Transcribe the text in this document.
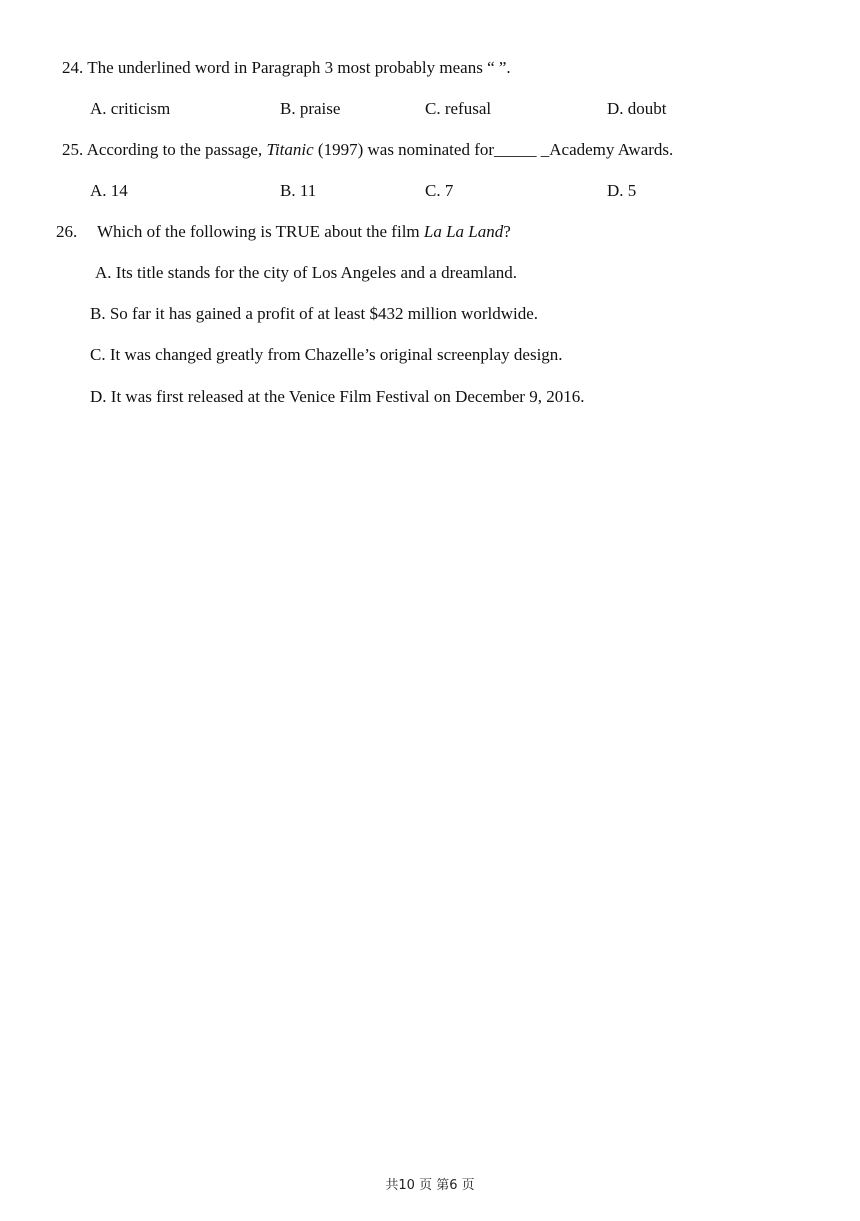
24. The underlined word in Paragraph 3 most probably means “ ”.
A. criticism	B. praise	C. refusal	D. doubt
25. According to the passage, Titanic (1997) was nominated for_____ _Academy Awards.
A. 14	B. 11	C. 7	D. 5
26. Which of the following is TRUE about the film La La Land?
A. Its title stands for the city of Los Angeles and a dreamland.
B. So far it has gained a profit of at least $432 million worldwide.
C. It was changed greatly from Chazelle’s original screenplay design.
D. It was first released at the Venice Film Festival on December 9, 2016.
共10 页 第6 页
